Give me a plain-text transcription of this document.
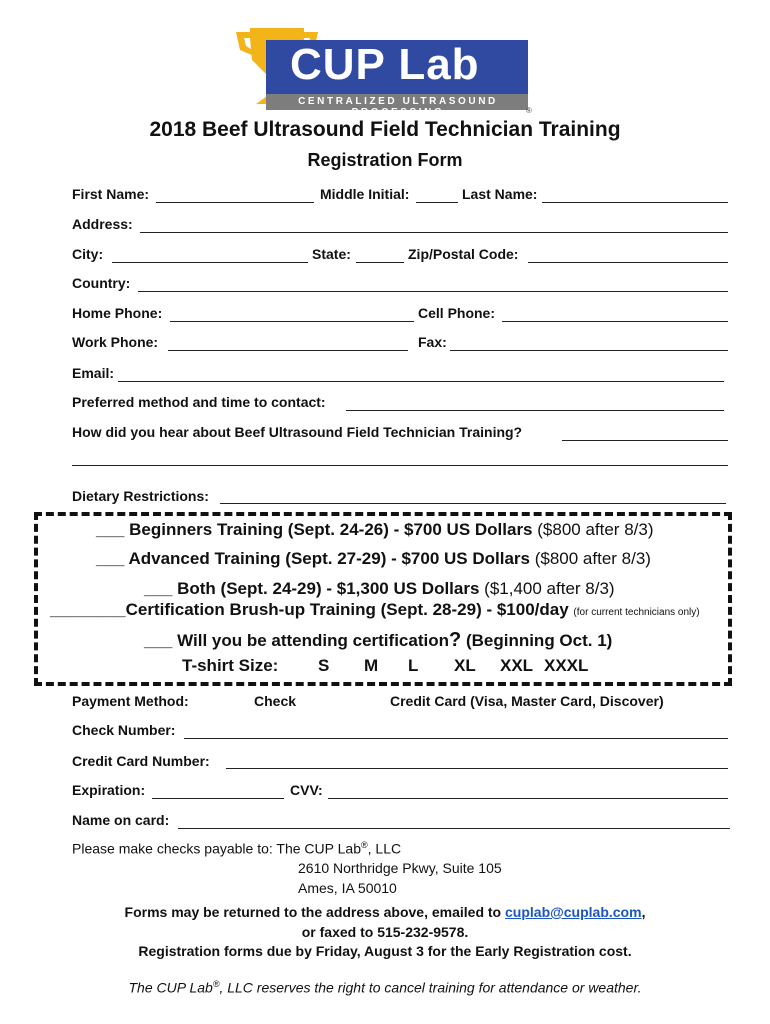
CUP Lab
CENTRALIZED ULTRASOUND PROCESSING	®
2018 Beef Ultrasound Field Technician Training
Registration Form
First Name:	Middle Initial:	Last Name:
Address:
City:	State:	Zip/Postal Code:
Country:
Home Phone:	Cell Phone:
Work Phone:	Fax:
Email:
Preferred method and time to contact:
How did you hear about Beef Ultrasound Field Technician Training?
Dietary Restrictions:
___ Beginners Training (Sept. 24-26) - $700 US Dollars ($800 after 8/3)
___ Advanced Training (Sept. 27-29) - $700 US Dollars ($800 after 8/3)
___ Both (Sept. 24-29) - $1,300 US Dollars ($1,400 after 8/3)
________Certification Brush-up Training (Sept. 28-29) - $100/day (for current technicians only)
___ Will you be attending certification? (Beginning Oct. 1)
T-shirt Size: S M L XL XXL XXXL
Payment Method:	Check	Credit Card (Visa, Master Card, Discover)
Check Number:
Credit Card Number:
Expiration:	CVV:
Name on card:
Please make checks payable to: The CUP Lab®, LLC
2610 Northridge Pkwy, Suite 105
Ames, IA 50010
Forms may be returned to the address above, emailed to cuplab@cuplab.com,
or faxed to 515-232-9578.
Registration forms due by Friday, August 3 for the Early Registration cost.
The CUP Lab®, LLC reserves the right to cancel training for attendance or weather.
